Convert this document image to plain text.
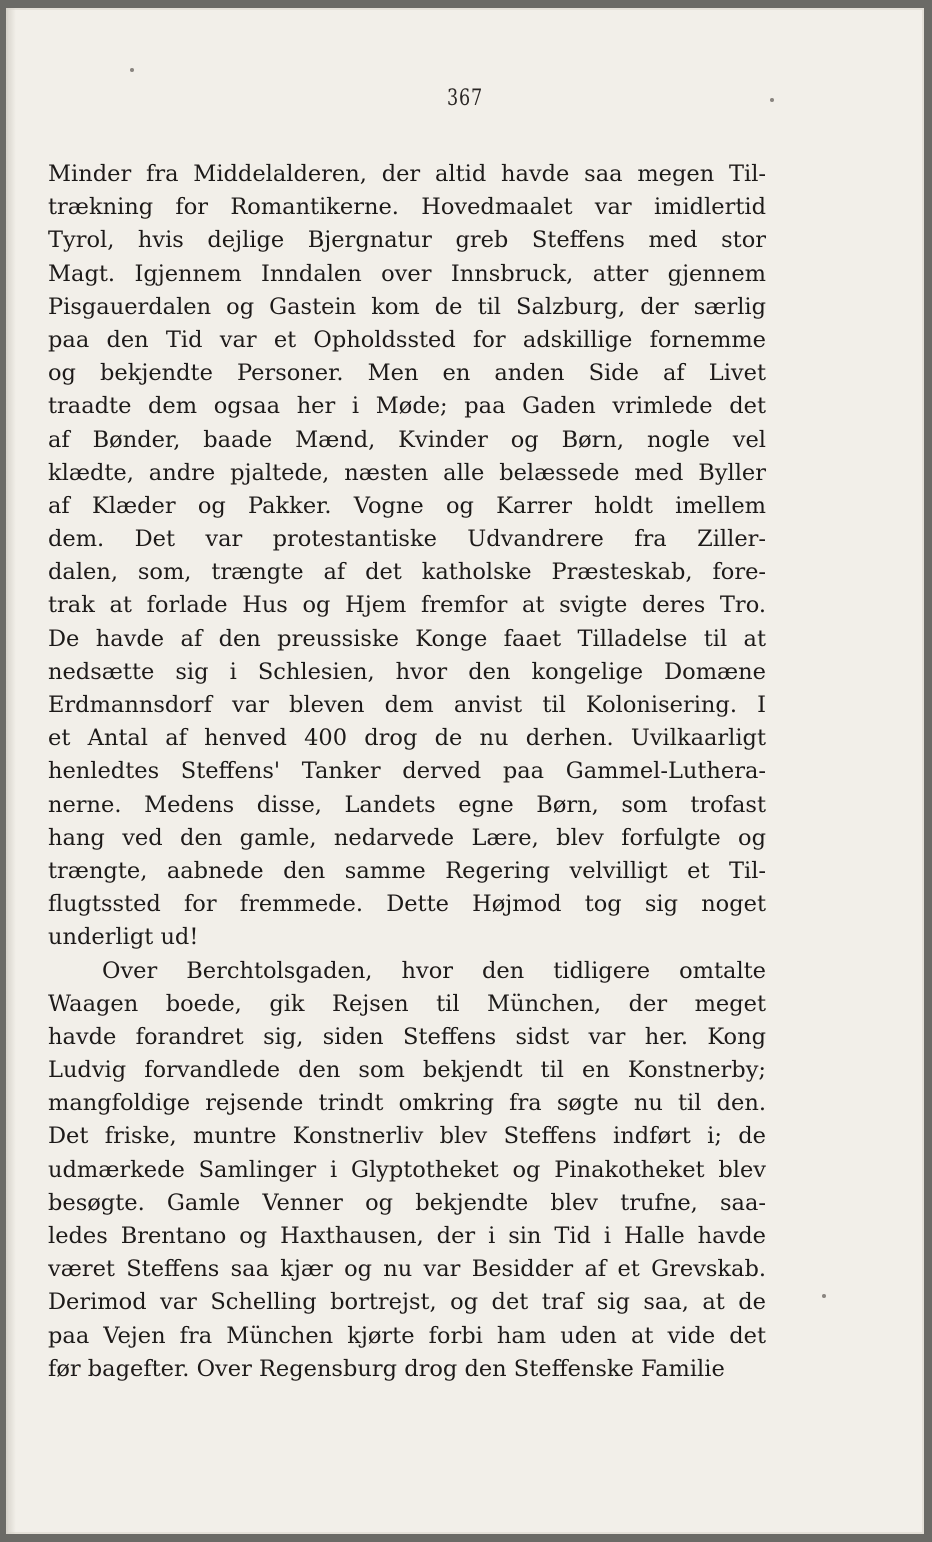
367
Minder fra Middelalderen, der altid havde saa megen Til-
trækning for Romantikerne. Hovedmaalet var imidlertid
Tyrol, hvis dejlige Bjergnatur greb Steffens med stor
Magt. Igjennem Inndalen over Innsbruck, atter gjennem
Pisgauerdalen og Gastein kom de til Salzburg, der særlig
paa den Tid var et Opholdssted for adskillige fornemme
og bekjendte Personer. Men en anden Side af Livet
traadte dem ogsaa her i Møde; paa Gaden vrimlede det
af Bønder, baade Mænd, Kvinder og Børn, nogle vel
klædte, andre pjaltede, næsten alle belæssede med Byller
af Klæder og Pakker. Vogne og Karrer holdt imellem
dem. Det var protestantiske Udvandrere fra Ziller-
dalen, som, trængte af det katholske Præsteskab, fore-
trak at forlade Hus og Hjem fremfor at svigte deres Tro.
De havde af den preussiske Konge faaet Tilladelse til at
nedsætte sig i Schlesien, hvor den kongelige Domæne
Erdmannsdorf var bleven dem anvist til Kolonisering. I
et Antal af henved 400 drog de nu derhen. Uvilkaarligt
henledtes Steffens' Tanker derved paa Gammel-Luthera-
nerne. Medens disse, Landets egne Børn, som trofast
hang ved den gamle, nedarvede Lære, blev forfulgte og
trængte, aabnede den samme Regering velvilligt et Til-
flugtssted for fremmede. Dette Højmod tog sig noget
underligt ud!
Over Berchtolsgaden, hvor den tidligere omtalte
Waagen boede, gik Rejsen til München, der meget
havde forandret sig, siden Steffens sidst var her. Kong
Ludvig forvandlede den som bekjendt til en Konstnerby;
mangfoldige rejsende trindt omkring fra søgte nu til den.
Det friske, muntre Konstnerliv blev Steffens indført i; de
udmærkede Samlinger i Glyptotheket og Pinakotheket blev
besøgte. Gamle Venner og bekjendte blev trufne, saa-
ledes Brentano og Haxthausen, der i sin Tid i Halle havde
været Steffens saa kjær og nu var Besidder af et Grevskab.
Derimod var Schelling bortrejst, og det traf sig saa, at de
paa Vejen fra München kjørte forbi ham uden at vide det
før bagefter. Over Regensburg drog den Steffenske Familie
